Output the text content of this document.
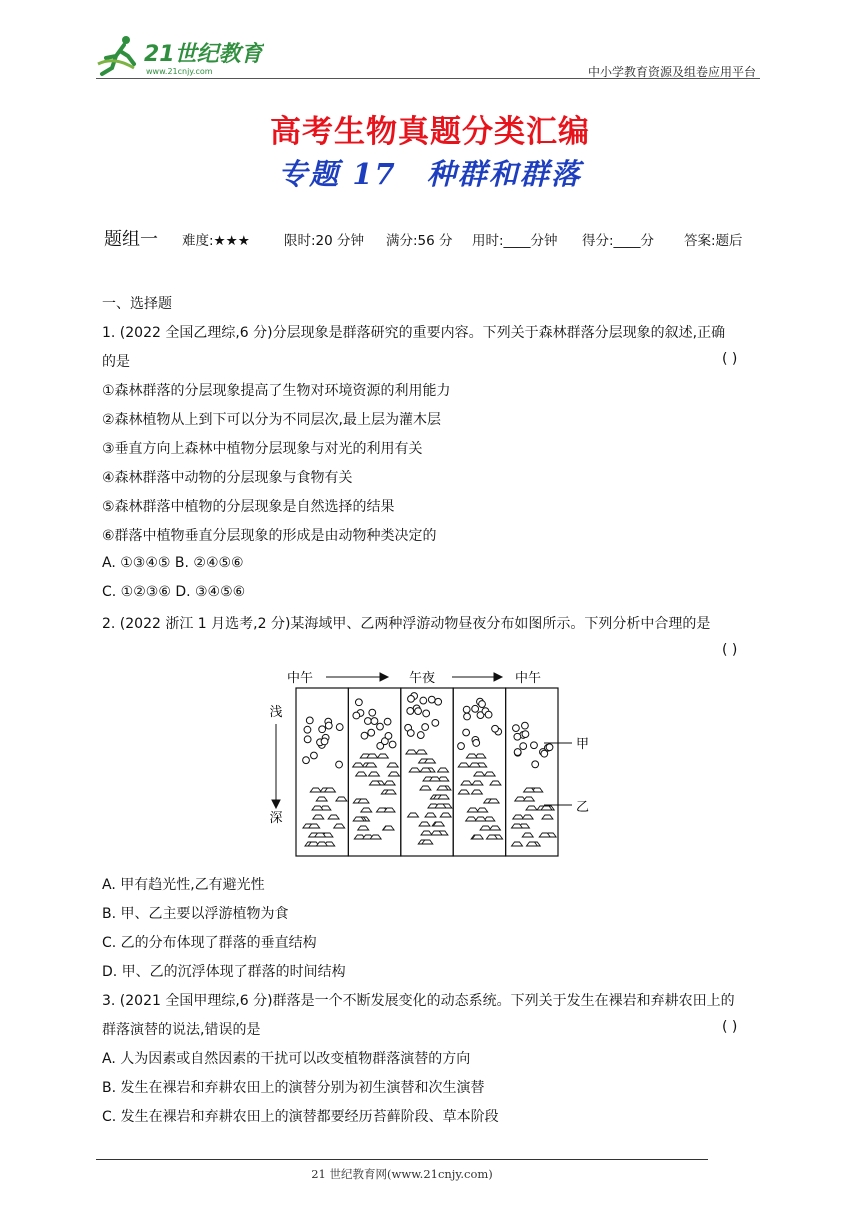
21世纪教育
www.21cnjy.com	中小学教育资源及组卷应用平台
高考生物真题分类汇编
专题 17 种群和群落
题组一 难度:★★★	限时:20 分钟 满分:56 分 用时:____分钟 得分:____分 答案:题后
一、选择题
1. (2022 全国乙理综,6 分)分层现象是群落研究的重要内容。下列关于森林群落分层现象的叙述,正确
的是	( )
①森林群落的分层现象提高了生物对环境资源的利用能力
②森林植物从上到下可以分为不同层次,最上层为灌木层
③垂直方向上森林中植物分层现象与对光的利用有关
④森林群落中动物的分层现象与食物有关
⑤森林群落中植物的分层现象是自然选择的结果
⑥群落中植物垂直分层现象的形成是由动物种类决定的
A. ①③④⑤ B. ②④⑤⑥
C. ①②③⑥ D. ③④⑤⑥
2. (2022 浙江 1 月选考,2 分)某海域甲、乙两种浮游动物昼夜分布如图所示。下列分析中合理的是
( )
中午	午夜	中午
浅
深
甲
乙
A. 甲有趋光性,乙有避光性
B. 甲、乙主要以浮游植物为食
C. 乙的分布体现了群落的垂直结构
D. 甲、乙的沉浮体现了群落的时间结构
3. (2021 全国甲理综,6 分)群落是一个不断发展变化的动态系统。下列关于发生在裸岩和弃耕农田上的
群落演替的说法,错误的是	( )
A. 人为因素或自然因素的干扰可以改变植物群落演替的方向
B. 发生在裸岩和弃耕农田上的演替分别为初生演替和次生演替
C. 发生在裸岩和弃耕农田上的演替都要经历苔藓阶段、草本阶段
21 世纪教育网(www.21cnjy.com)
